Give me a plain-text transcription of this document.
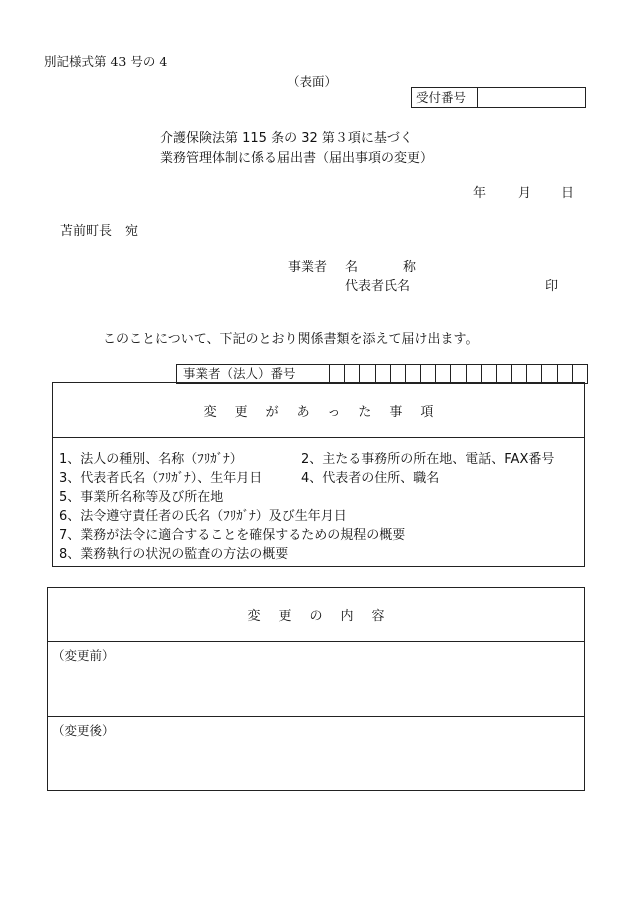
別記様式第 43 号の 4
（表面）
受付番号
介護保険法第 115 条の 32 第３項に基づく
業務管理体制に係る届出書（届出事項の変更）
年 月 日
苫前町長　宛
事業者 名	称
代表者氏名	印
このことについて、下記のとおり関係書類を添えて届け出ます。
事業者（法人）番号
変更があった事項
1、法人の種別、名称（ﾌﾘｶﾞﾅ）	2、主たる事務所の所在地、電話、FAX番号
3、代表者氏名（ﾌﾘｶﾞﾅ）、生年月日	4、代表者の住所、職名
5、事業所名称等及び所在地
6、法令遵守責任者の氏名（ﾌﾘｶﾞﾅ）及び生年月日
7、業務が法令に適合することを確保するための規程の概要
8、業務執行の状況の監査の方法の概要
変更の内容
（変更前）
（変更後）
